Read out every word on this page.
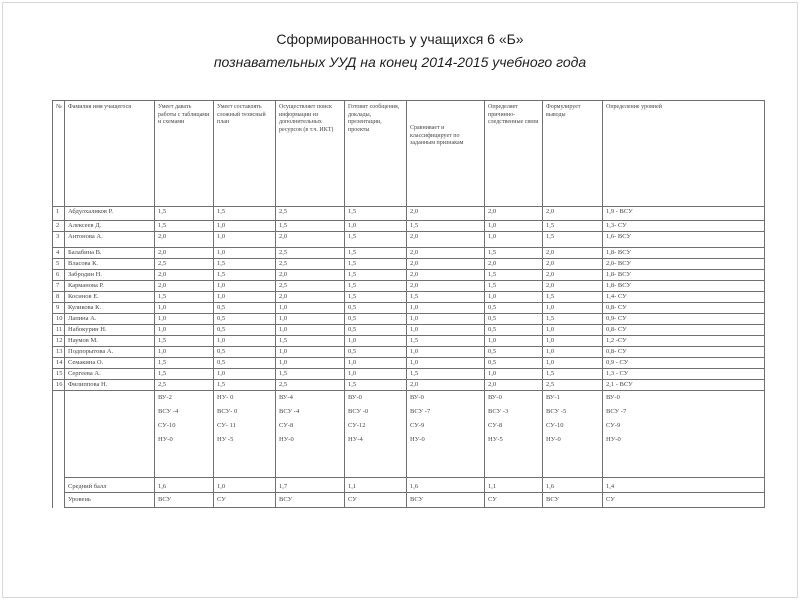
Сформированность у учащихся 6 «Б»
познавательных УУД на конец 2014-2015 учебного года
№	Фамилия имя учащегося	Умеет давать работы с таблицами и схемами	Умеет составлять сложный тезисный план	Осуществляет поиск информации из дополнительных ресурсов (в т.ч. ИКТ)	Готовит сообщения, доклады, презентации, проекты	Сравнивает и классифицирует по заданным признакам	Определяет причинно-следственные связи	Формулирует выводы	Определение уровней
1	Абдулхаликов Р.	1,5	1,5	2,5	1,5	2,0	2,0	2,0	1,9 - ВСУ
2	Алексеев Д.	1,5	1,0	1,5	1,0	1,5	1,0	1,5	1,3- СУ
3	Антонова А.	2,0	1,0	2,0	1,5	2,0	1,0	1,5	1,6- ВСУ
4	Балабина В.	2,0	1,0	2,5	1,5	2,0	1,5	2,0	1,8- ВСУ
5	Власова К.	2,5	1,5	2,5	1,5	2,0	2,0	2,0	2,0- ВСУ
6	Забродин Н.	2,0	1,5	2,0	1,5	2,0	1,5	2,0	1,8- ВСУ
7	Карманова Р.	2,0	1,0	2,5	1,5	2,0	1,5	2,0	1,8- ВСУ
8	Косинов Е.	1,5	1,0	2,0	1,5	1,5	1,0	1,5	1,4- СУ
9	Куликова К.	1,0	0,5	1,0	0,5	1,0	0,5	1,0	0,8- СУ
10	Лапина А.	1,0	0,5	1,0	0,5	1,0	0,5	1,5	0,9- СУ
11	Набокурин Н.	1,0	0,5	1,0	0,5	1,0	0,5	1,0	0,8- СУ
12	Наумов М.	1,5	1,0	1,5	1,0	1,5	1,0	1,0	1,2 -СУ
13	Подпорытова А.	1,0	0,5	1,0	0,5	1,0	0,5	1,0	0,8- СУ
14	Семакина О.	1,5	0,5	1,0	1,0	1,0	0,5	1,0	0,9 - СУ
15	Сергеева А.	1,5	1,0	1,5	1,0	1,5	1,0	1,5	1,3 - СУ
16	Филиппова Н.	2,5	1,5	2,5	1,5	2,0	2,0	2,5	2,1 - ВСУ

		ВУ-2
ВСУ -4
СУ-10
НУ-0	НУ- 0
ВСУ- 0
СУ- 11
НУ -5	ВУ-4
ВСУ -4
СУ-8
НУ-0	ВУ-0
ВСУ -0
СУ-12
НУ-4	ВУ-0
ВСУ -7
СУ-9
НУ-0	ВУ-0
ВСУ -3
СУ-8
НУ-5	ВУ-1
ВСУ -5
СУ-10
НУ-0	ВУ-0
ВСУ -7
СУ-9
НУ-0

	Средний балл	1,6	1,0	1,7	1,1	1,6	1,1	1,6	1,4
	Уровень	ВСУ	СУ	ВСУ	СУ	ВСУ	СУ	ВСУ	СУ
